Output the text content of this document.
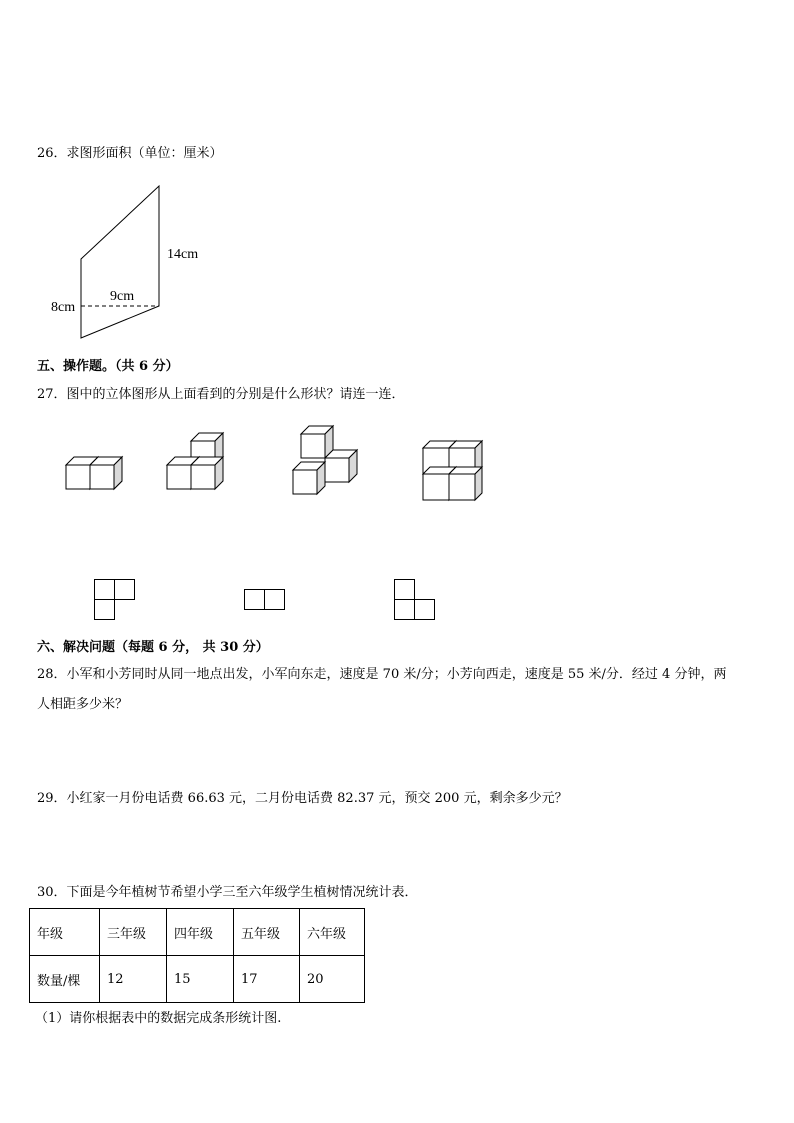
26．求图形面积（单位：厘米）
14cm
9cm
8cm
五、操作题。（共 6 分）
27．图中的立体图形从上面看到的分别是什么形状？请连一连．
六、解决问题（每题 6 分， 共 30 分）
28．小军和小芳同时从同一地点出发，小军向东走，速度是 70 米/分；小芳向西走，速度是 55 米/分．经过 4 分钟，两
人相距多少米？
29．小红家一月份电话费 66.63 元，二月份电话费 82.37 元，预交 200 元，剩余多少元？
30．下面是今年植树节希望小学三至六年级学生植树情况统计表．
年级	三年级	四年级	五年级	六年级
数量/棵	12	15	17	20
（1）请你根据表中的数据完成条形统计图.
